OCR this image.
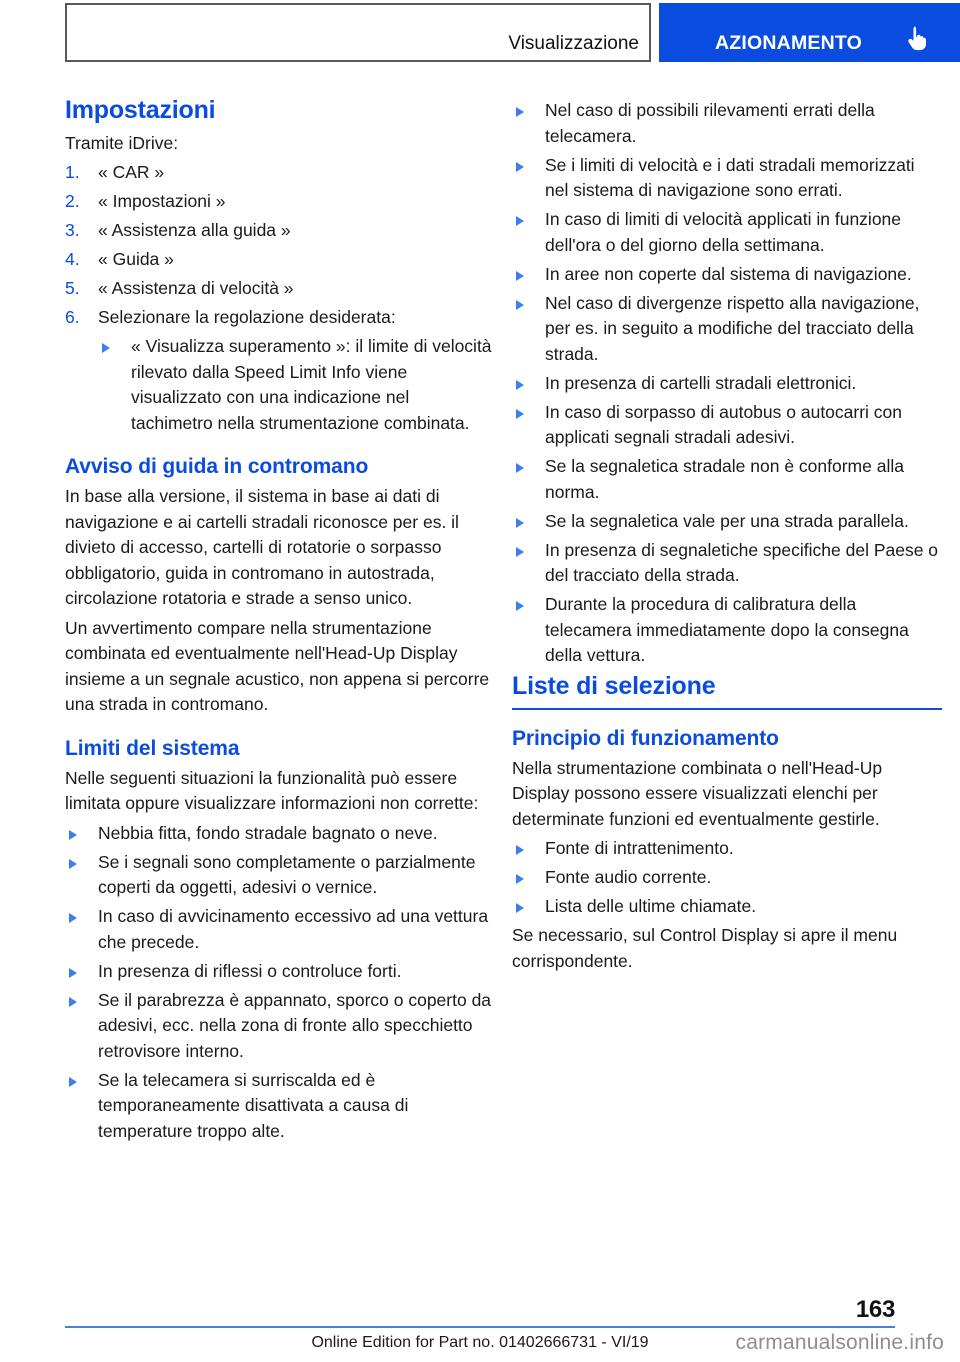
Visualizzazione	AZIONAMENTO
Impostazioni

Tramite iDrive:

1. « CAR »
2. « Impostazioni »
3. « Assistenza alla guida »
4. « Guida »
5. « Assistenza di velocità »
6. Selezionare la regolazione desiderata:
« Visualizza superamento »: il limite di velocità rilevato dalla Speed Limit Info viene visualizzato con una indicazione nel tachimetro nella strumentazione combinata.
Avviso di guida in contromano

In base alla versione, il sistema in base ai dati di navigazione e ai cartelli stradali riconosce per es. il divieto di accesso, cartelli di rotatorie o sorpasso obbligatorio, guida in contromano in autostrada, circolazione rotatoria e strade a senso unico.

Un avvertimento compare nella strumentazione combinata ed eventualmente nell'Head-Up Display insieme a un segnale acustico, non appena si percorre una strada in contromano.

Limiti del sistema

Nelle seguenti situazioni la funzionalità può essere limitata oppure visualizzare informazioni non corrette:

Nebbia fitta, fondo stradale bagnato o neve.
Se i segnali sono completamente o parzialmente coperti da oggetti, adesivi o vernice.
In caso di avvicinamento eccessivo ad una vettura che precede.
In presenza di riflessi o controluce forti.
Se il parabrezza è appannato, sporco o coperto da adesivi, ecc. nella zona di fronte allo specchietto retrovisore interno.
Se la telecamera si surriscalda ed è temporaneamente disattivata a causa di temperature troppo alte.
Nel caso di possibili rilevamenti errati della telecamera.
Se i limiti di velocità e i dati stradali memorizzati nel sistema di navigazione sono errati.
In caso di limiti di velocità applicati in funzione dell'ora o del giorno della settimana.
In aree non coperte dal sistema di navigazione.
Nel caso di divergenze rispetto alla navigazione, per es. in seguito a modifiche del tracciato della strada.
In presenza di cartelli stradali elettronici.
In caso di sorpasso di autobus o autocarri con applicati segnali stradali adesivi.
Se la segnaletica stradale non è conforme alla norma.
Se la segnaletica vale per una strada parallela.
In presenza di segnaletiche specifiche del Paese o del tracciato della strada.
Durante la procedura di calibratura della telecamera immediatamente dopo la consegna della vettura.
Liste di selezione
Principio di funzionamento

Nella strumentazione combinata o nell'Head-Up Display possono essere visualizzati elenchi per determinate funzioni ed eventualmente gestirle.

Fonte di intrattenimento.
Fonte audio corrente.
Lista delle ultime chiamate.

Se necessario, sul Control Display si apre il menu corrispondente.

163
Online Edition for Part no. 01402666731 - VI/19	carmanualsonline.info
